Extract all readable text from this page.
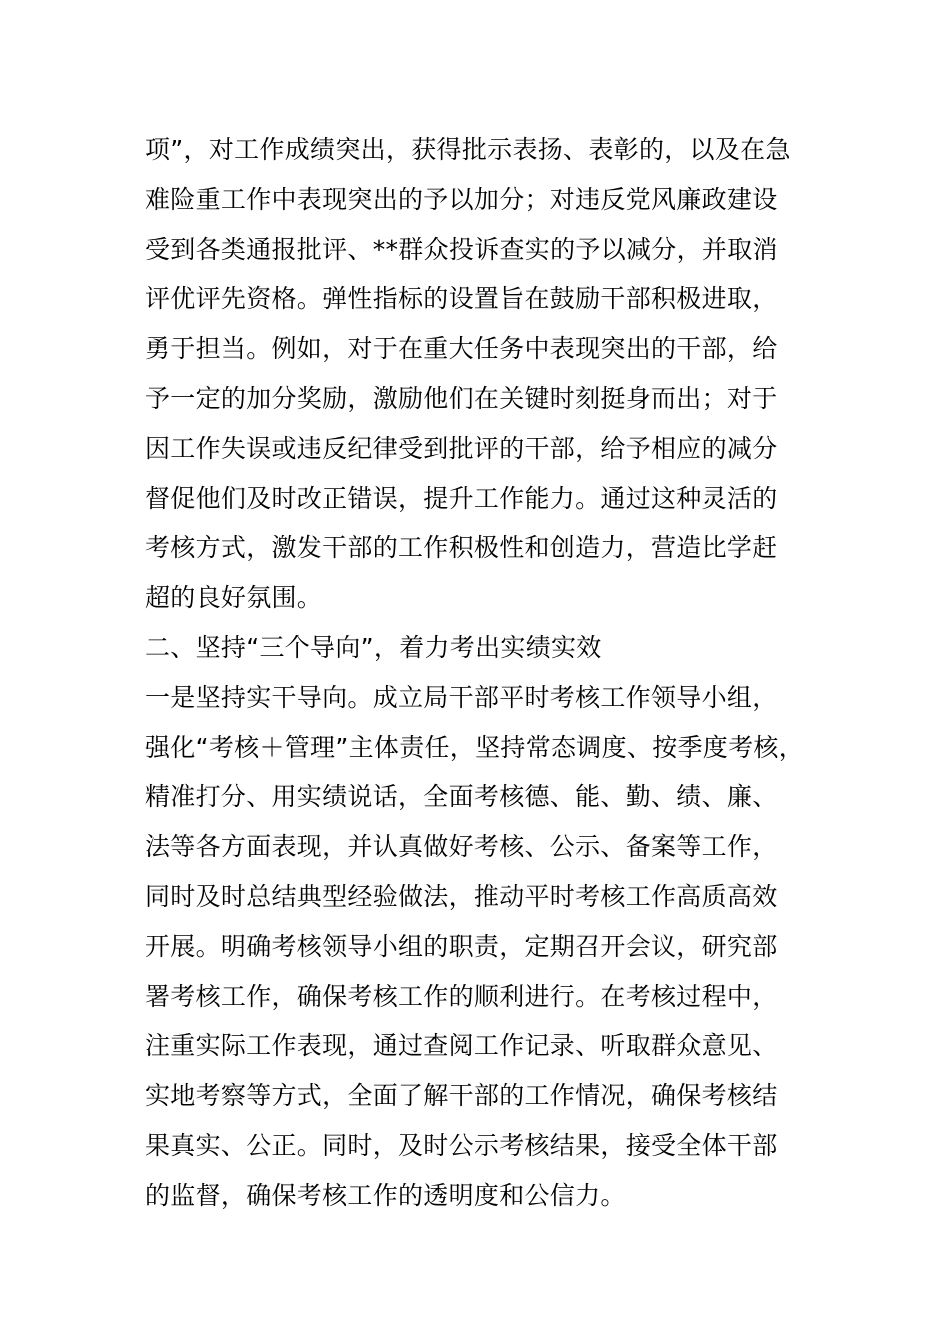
项”，对工作成绩突出，获得批示表扬、表彰的，以及在急
难险重工作中表现突出的予以加分；对违反党风廉政建设
受到各类通报批评、**群众投诉查实的予以减分，并取消
评优评先资格。弹性指标的设置旨在鼓励干部积极进取，
勇于担当。例如，对于在重大任务中表现突出的干部，给
予一定的加分奖励，激励他们在关键时刻挺身而出；对于
因工作失误或违反纪律受到批评的干部，给予相应的减分
督促他们及时改正错误，提升工作能力。通过这种灵活的
考核方式，激发干部的工作积极性和创造力，营造比学赶
超的良好氛围。
二、坚持“三个导向”，着力考出实绩实效
一是坚持实干导向。成立局干部平时考核工作领导小组，
强化“考核＋管理”主体责任，坚持常态调度、按季度考核，
精准打分、用实绩说话，全面考核德、能、勤、绩、廉、
法等各方面表现，并认真做好考核、公示、备案等工作，
同时及时总结典型经验做法，推动平时考核工作高质高效
开展。明确考核领导小组的职责，定期召开会议，研究部
署考核工作，确保考核工作的顺利进行。在考核过程中，
注重实际工作表现，通过查阅工作记录、听取群众意见、
实地考察等方式，全面了解干部的工作情况，确保考核结
果真实、公正。同时，及时公示考核结果，接受全体干部
的监督，确保考核工作的透明度和公信力。
